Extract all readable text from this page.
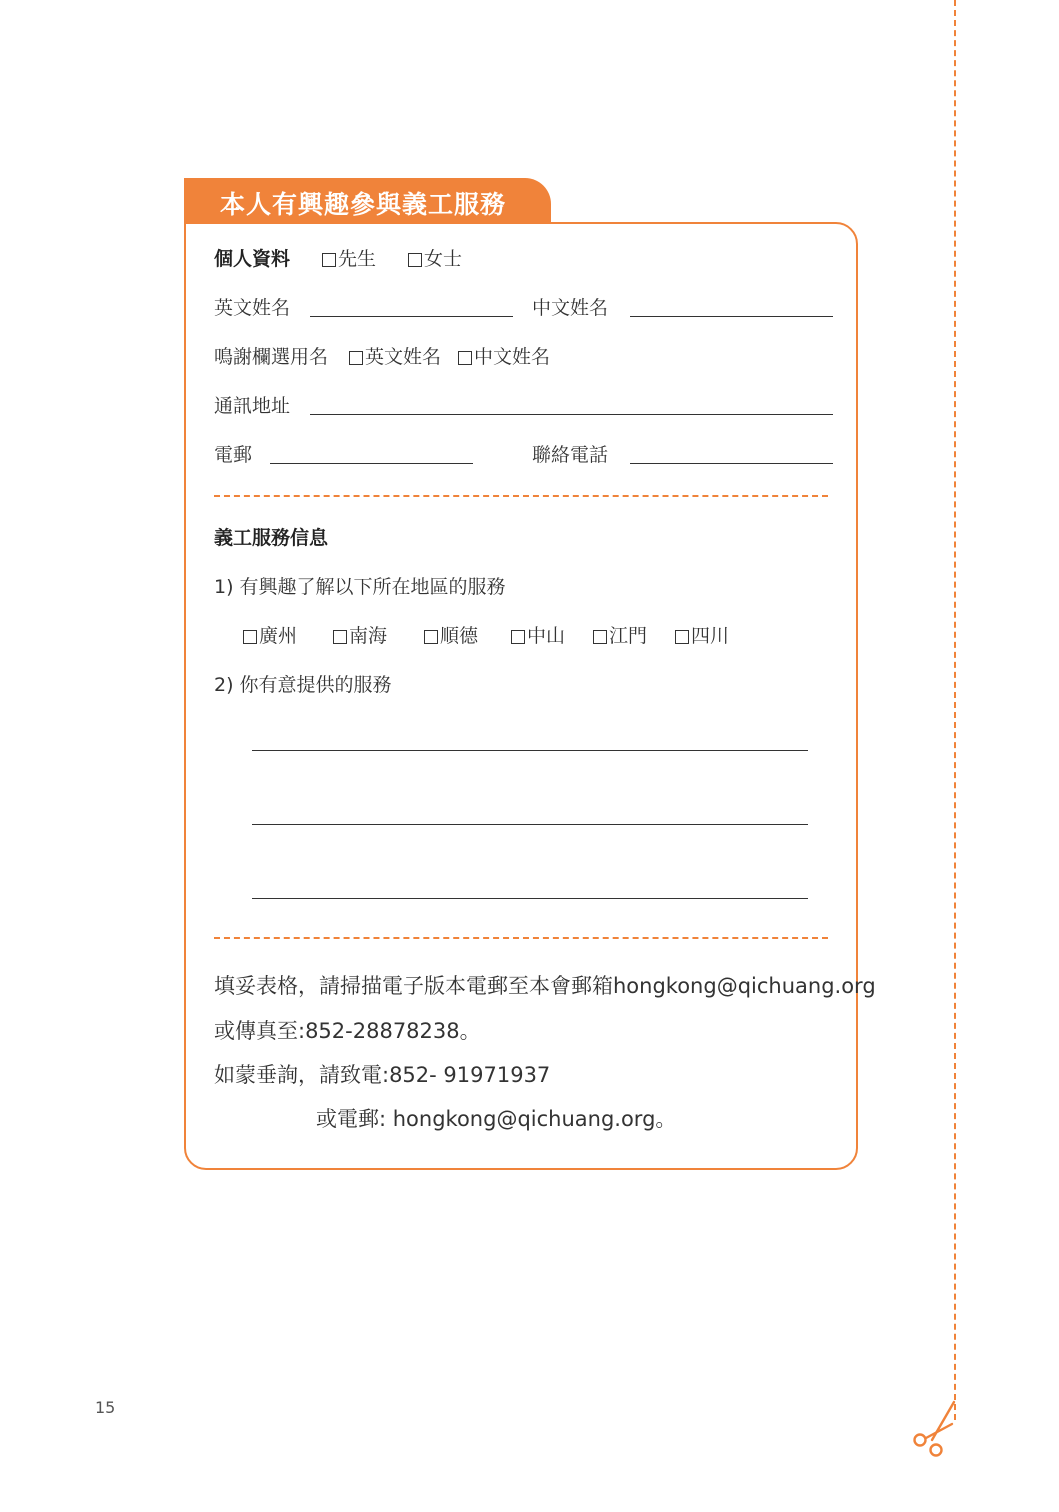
本人有興趣參與義工服務
個人資料	先生	女士
英文姓名	中文姓名
鳴謝欄選用名	英文姓名	中文姓名
通訊地址
電郵	聯絡電話
義工服務信息
1) 有興趣了解以下所在地區的服務
廣州	南海	順德	中山	江門	四川
2) 你有意提供的服務
填妥表格，請掃描電子版本電郵至本會郵箱hongkong@qichuang.org
或傳真至:852-28878238。
如蒙垂詢，請致電:852- 91971937
或電郵: hongkong@qichuang.org。
15
